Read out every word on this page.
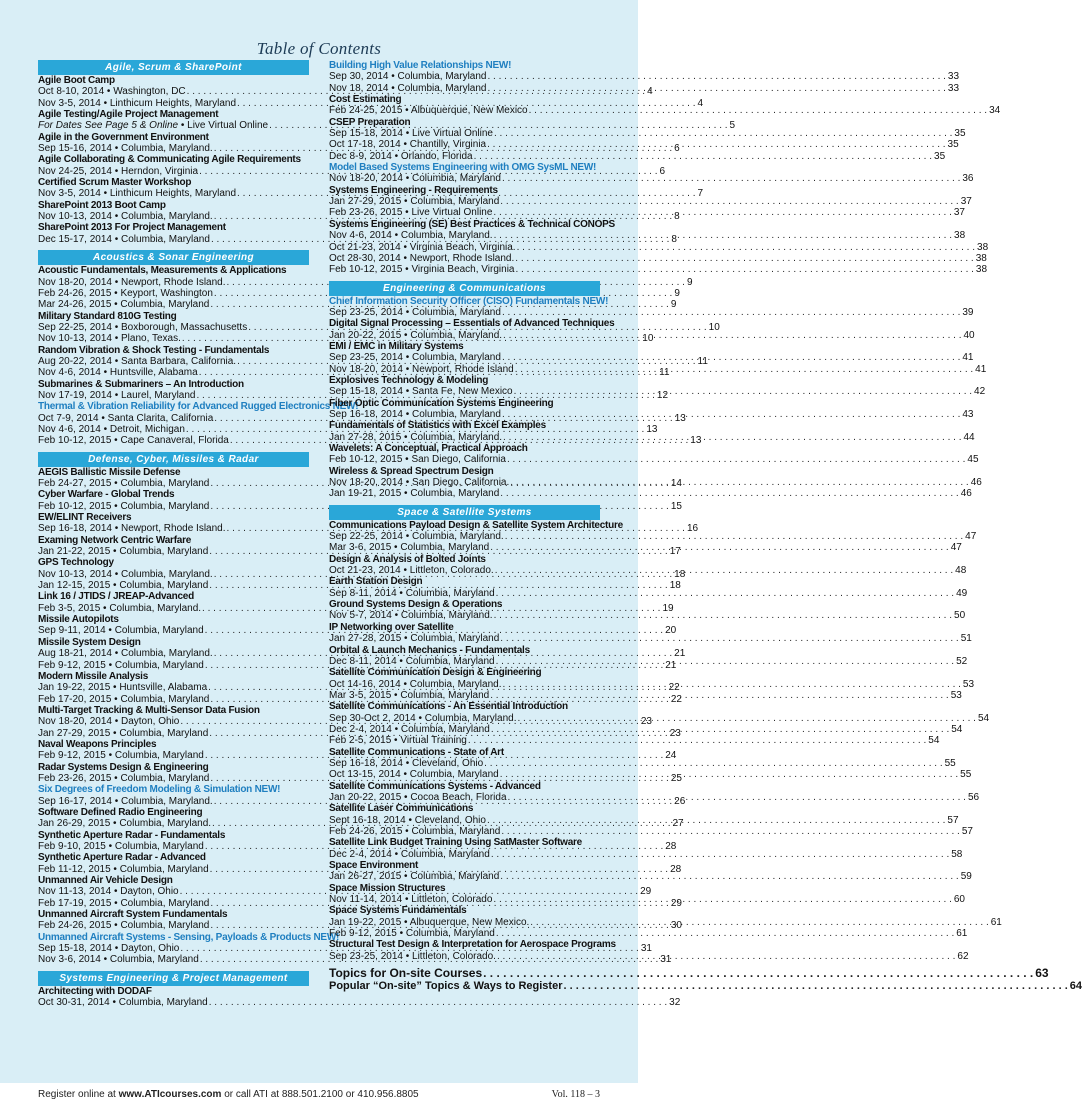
Table of Contents
Agile, Scrum & SharePoint
Agile Boot Camp
Oct 8-10, 2014 • Washington, DC . . .	4
Nov 3-5, 2014 • Linthicum Heights, Maryland . . .	4
Agile Testing/Agile Project Management
For Dates See Page 5 & Online • Live Virtual Online . . .	5
Agile in the Government Environment
Sep 15-16, 2014 • Columbia, Maryland. . . .	6
Agile Collaborating & Communicating Agile Requirements
Nov 24-25, 2014 • Herndon, Virginia . . .	6
Certified Scrum Master Workshop
Nov 3-5, 2014 • Linthicum Heights, Maryland . . .	7
SharePoint 2013 Boot Camp
Nov 10-13, 2014 • Columbia, Maryland. . . .	8
SharePoint 2013 For Project Management
Dec 15-17, 2014 • Columbia, Maryland . . .	8
Acoustics & Sonar Engineering
Acoustic Fundamentals, Measurements & Applications
Nov 18-20, 2014 • Newport, Rhode Island. . . .	9
Feb 24-26, 2015 • Keyport, Washington . . .	9
Mar 24-26, 2015 • Columbia, Maryland . . .	9
Military Standard 810G Testing
Sep 22-25, 2014 • Boxborough, Massachusetts . . .	10
Nov 10-13, 2014 • Plano, Texas. . . .	10
Random Vibration & Shock Testing - Fundamentals
Aug 20-22, 2014 • Santa Barbara, California. . . .	11
Nov 4-6, 2014 • Huntsville, Alabama . . .	11
Submarines & Submariners – An Introduction
Nov 17-19, 2014 • Laurel, Maryland . . .	12
Thermal & Vibration Reliability for Advanced Rugged Electronics NEW!
Oct 7-9, 2014 • Santa Clarita, California . . .	13
Nov 4-6, 2014 • Detroit, Michigan . . .	13
Feb 10-12, 2015 • Cape Canaveral, Florida . . .	13
Defense, Cyber, Missiles & Radar
AEGIS Ballistic Missile Defense
Feb 24-27, 2015 • Columbia, Maryland . . .	14
Cyber Warfare - Global Trends
Feb 10-12, 2015 • Columbia, Maryland . . .	15
EW/ELINT Receivers
Sep 16-18, 2014 • Newport, Rhode Island. . . .	16
Examing Network Centric Warfare
Jan 21-22, 2015 • Columbia, Maryland . . .	17
GPS Technology
Nov 10-13, 2014 • Columbia, Maryland. . . .	18
Jan 12-15, 2015 • Columbia, Maryland . . .	18
Link 16 / JTIDS / JREAP-Advanced
Feb 3-5, 2015 • Columbia, Maryland. . . .	19
Missile Autopilots
Sep 9-11, 2014 • Columbia, Maryland . . .	20
Missile System Design
Aug 18-21, 2014 • Columbia, Maryland. . . .	21
Feb 9-12, 2015 • Columbia, Maryland . . .	21
Modern Missile Analysis
Jan 19-22, 2015 • Huntsville, Alabama . . .	22
Feb 17-20, 2015 • Columbia, Maryland . . .	22
Multi-Target Tracking & Multi-Sensor Data Fusion
Nov 18-20, 2014 • Dayton, Ohio . . .	23
Jan 27-29, 2015 • Columbia, Maryland . . .	23
Naval Weapons Principles
Feb 9-12, 2015 • Columbia, Maryland . . .	24
Radar Systems Design & Engineering
Feb 23-26, 2015 • Columbia, Maryland . . .	25
Six Degrees of Freedom Modeling & Simulation NEW!
Sep 16-17, 2014 • Columbia, Maryland. . . .	26
Software Defined Radio Engineering
Jan 26-29, 2015 • Columbia, Maryland. . . .	27
Synthetic Aperture Radar - Fundamentals
Feb 9-10, 2015 • Columbia, Maryland . . .	28
Synthetic Aperture Radar - Advanced
Feb 11-12, 2015 • Columbia, Maryland . . .	28
Unmanned Air Vehicle Design
Nov 11-13, 2014 • Dayton, Ohio . . .	29
Feb 17-19, 2015 • Columbia, Maryland . . .	29
Unmanned Aircraft System Fundamentals
Feb 24-26, 2015 • Columbia, Maryland . . .	30
Unmanned Aircraft Systems - Sensing, Payloads & Products NEW!
Sep 15-18, 2014 • Dayton, Ohio . . .	31
Nov 3-6, 2014 • Columbia, Maryland . . .	31
Systems Engineering & Project Management
Architecting with DODAF
Oct 30-31, 2014 • Columbia, Maryland . . .	32
Building High Value Relationships NEW!
Sep 30, 2014 • Columbia, Maryland . . .	33
Nov 18, 2014 • Columbia, Maryland . . .	33
Cost Estimating
Feb 24-25, 2015 • Albuquerque, New Mexico . . .	34
CSEP Preparation
Sep 15-18, 2014 • Live Virtual Online . . .	35
Oct 17-18, 2014 • Chantilly, Virginia . . .	35
Dec 8-9, 2014 • Orlando, Florida . . .	35
Model Based Systems Engineering with OMG SysML NEW!
Nov 18-20, 2014 • Columbia, Maryland . . .	36
Systems Engineering - Requirements
Jan 27-29, 2015 • Columbia, Maryland . . .	37
Feb 23-26, 2015 • Live Virtual Online . . .	37
Systems Engineering (SE) Best Practices & Technical CONOPS
Nov 4-6, 2014 • Columbia, Maryland. . . .	38
Oct 21-23, 2014 • Virginia Beach, Virginia. . . .	38
Oct 28-30, 2014 • Newport, Rhode Island. . . .	38
Feb 10-12, 2015 • Virginia Beach, Virginia . . .	38
Engineering & Communications
Chief Information Security Officer (CISO) Fundamentals NEW!
Sep 23-25, 2014 • Columbia, Maryland . . .	39
Digital Signal Processing – Essentials of Advanced Techniques
Jan 20-22, 2015 • Columbia, Maryland. . . .	40
EMI / EMC in Military Systems
Sep 23-25, 2014 • Columbia, Maryland . . .	41
Nov 18-20, 2014 • Newport, Rhode Island . . .	41
Explosives Technology & Modeling
Sep 15-18, 2014 • Santa Fe, New Mexico . . .	42
Fiber Optic Communication Systems Engineering
Sep 16-18, 2014 • Columbia, Maryland . . .	43
Fundamentals of Statistics with Excel Examples
Jan 27-28, 2015 • Columbia, Maryland. . . .	44
Wavelets: A Conceptual, Practical Approach
Feb 10-12, 2015 • San Diego, California . . .	45
Wireless & Spread Spectrum Design
Nov 18-20, 2014 • San Diego, California. . . .	46
Jan 19-21, 2015 • Columbia, Maryland . . .	46
Space & Satellite Systems
Communications Payload Design & Satellite System Architecture
Sep 22-25, 2014 • Columbia, Maryland. . . .	47
Mar 3-6, 2015 • Columbia, Maryland . . .	47
Design & Analysis of Bolted Joints
Oct 21-23, 2014 • Littleton, Colorado. . . .	48
Earth Station Design
Sep 8-11, 2014 • Columbia, Maryland . . .	49
Ground Systems Design & Operations
Nov 5-7, 2014 • Columbia, Maryland. . . .	50
IP Networking over Satellite
Jan 27-28, 2015 • Columbia, Maryland . . .	51
Orbital & Launch Mechanics - Fundamentals
Dec 8-11, 2014 • Columbia, Maryland . . .	52
Satellite Communication Design & Engineering
Oct 14-16, 2014 • Columbia, Maryland. . . .	53
Mar 3-5, 2015 • Columbia, Maryland . . .	53
Satellite Communications - An Essential Introduction
Sep 30-Oct 2, 2014 • Columbia, Maryland. . . .	54
Dec 2-4, 2014 • Columbia, Maryland . . .	54
Feb 2-5, 2015 • Virtual Training . . .	54
Satellite Communications - State of Art
Sep 16-18, 2014 • Cleveland, Ohio . . .	55
Oct 13-15, 2014 • Columbia, Maryland . . .	55
Satellite Communications Systems - Advanced
Jan 20-22, 2015 • Cocoa Beach, Florida . . .	56
Satellite Laser Communications
Sept 16-18, 2014 • Cleveland, Ohio . . .	57
Feb 24-26, 2015 • Columbia, Maryland . . .	57
Satellite Link Budget Training Using SatMaster Software
Dec 2-4, 2014 • Columbia, Maryland . . .	58
Space Environment
Jan 26-27, 2015 • Columbia, Maryland . . .	59
Space Mission Structures
Nov 11-14, 2014 • Littleton, Colorado . . .	60
Space Systems Fundamentals
Jan 19-22, 2015 • Albuquerque, New Mexico. . . .	61
Feb 9-12, 2015 • Columbia, Maryland . . .	61
Structural Test Design & Interpretation for Aerospace Programs
Sep 23-25, 2014 • Littleton, Colorado. . . .	62
Topics for On-site Courses . . .	63
Popular “On-site” Topics & Ways to Register . . .	64
Register online at www.ATIcourses.com or call ATI at 888.501.2100 or 410.956.8805	Vol. 118 – 3
